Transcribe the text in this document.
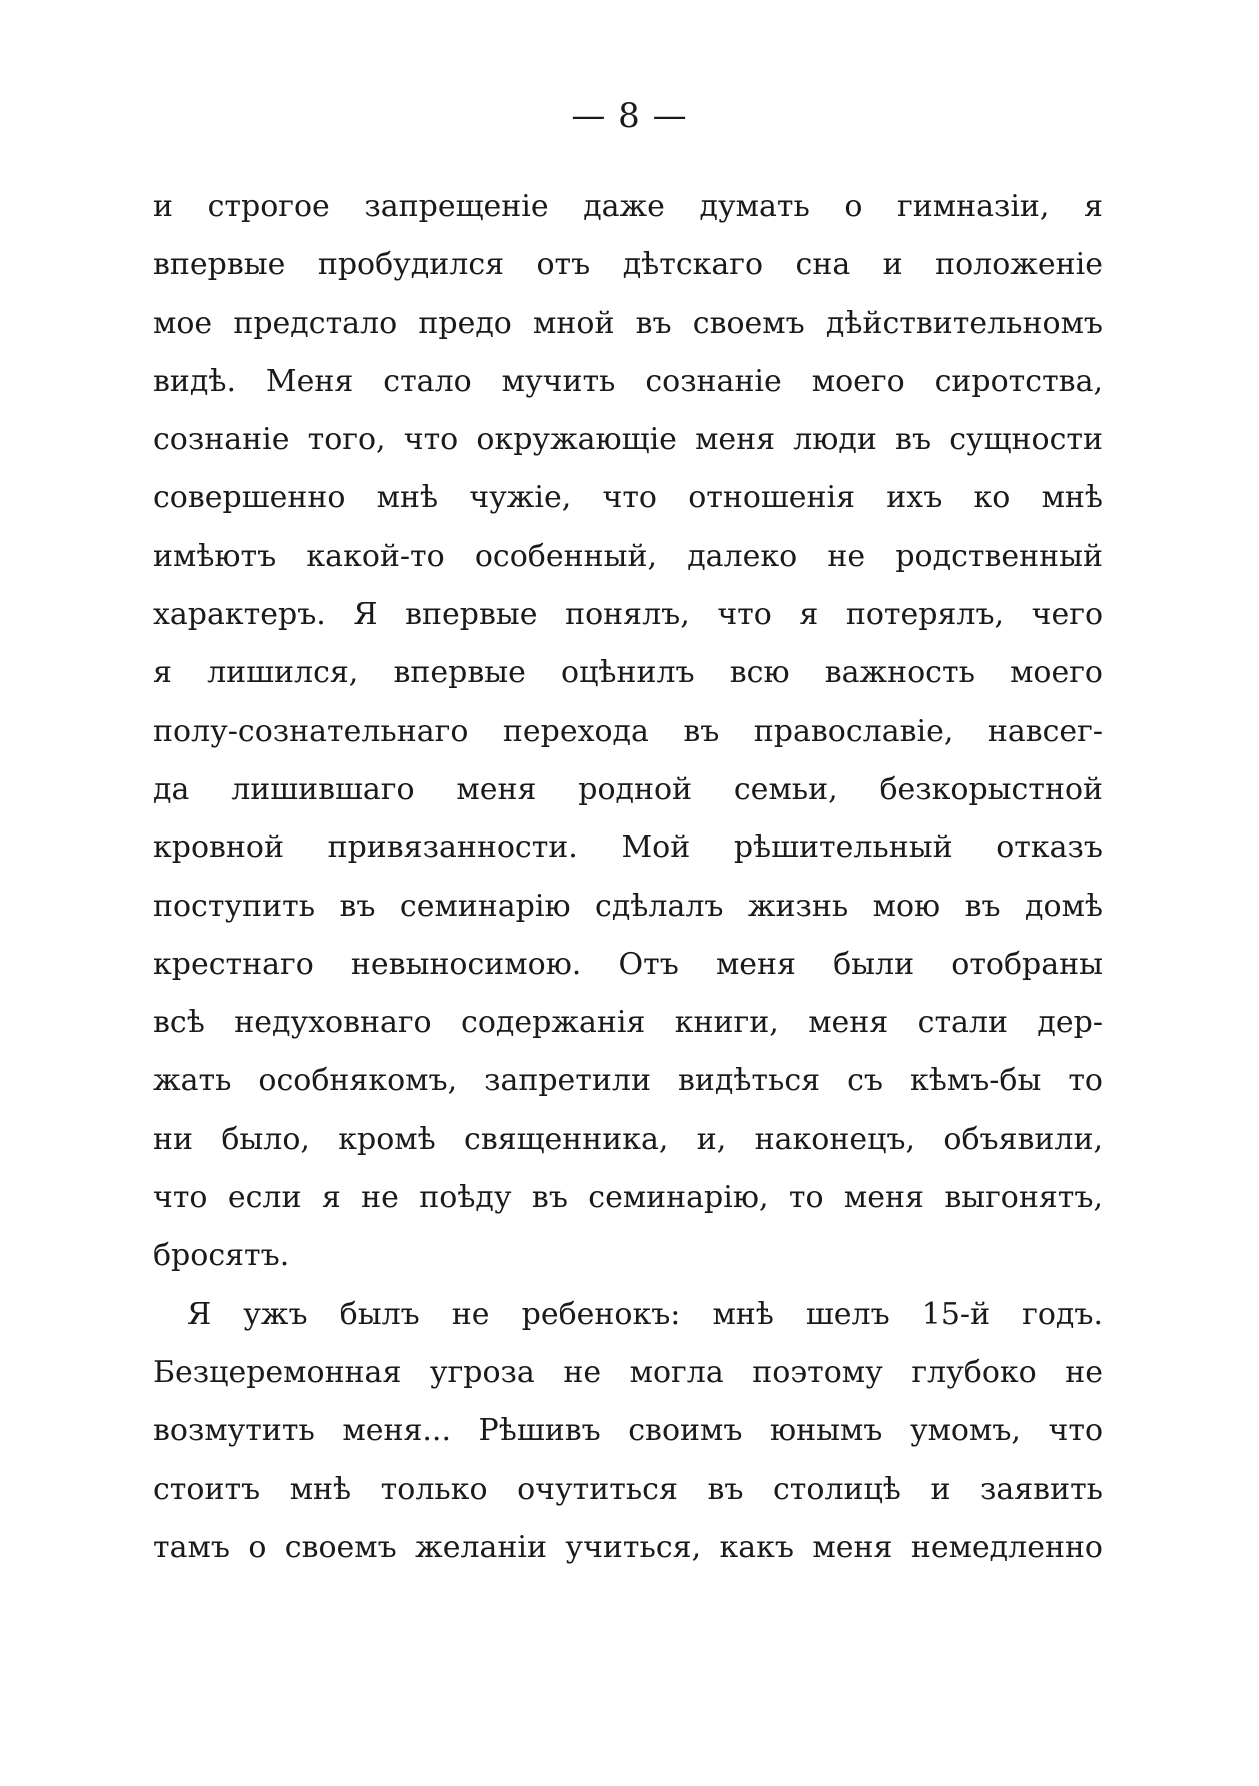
— 8 —
и строгое запрещеніе даже думать о гимназіи, я
впервые пробудился отъ дѣтскаго сна и положеніе
мое предстало предо мной въ своемъ дѣйствительномъ
видѣ. Меня стало мучить сознаніе моего сиротства,
сознаніе того, что окружающіе меня люди въ сущности
совершенно мнѣ чужіе, что отношенія ихъ ко мнѣ
имѣютъ какой-то особенный, далеко не родственный
характеръ. Я впервые понялъ, что я потерялъ, чего
я лишился, впервые оцѣнилъ всю важность моего
полу-сознательнаго перехода въ православіе, навсег-
да лишившаго меня родной семьи, безкорыстной
кровной привязанности. Мой рѣшительный отказъ
поступить въ семинарію сдѣлалъ жизнь мою въ домѣ
крестнаго невыносимою. Отъ меня были отобраны
всѣ недуховнаго содержанія книги, меня стали дер-
жать особнякомъ, запретили видѣться съ кѣмъ-бы то
ни было, кромѣ священника, и, наконецъ, объявили,
что если я не поѣду въ семинарію, то меня выгонятъ,
бросятъ.
Я ужъ былъ не ребенокъ: мнѣ шелъ 15-й годъ.
Безцеремонная угроза не могла поэтому глубоко не
возмутить меня... Рѣшивъ своимъ юнымъ умомъ, что
стоитъ мнѣ только очутиться въ столицѣ и заявить
тамъ о своемъ желаніи учиться, какъ меня немедленно
